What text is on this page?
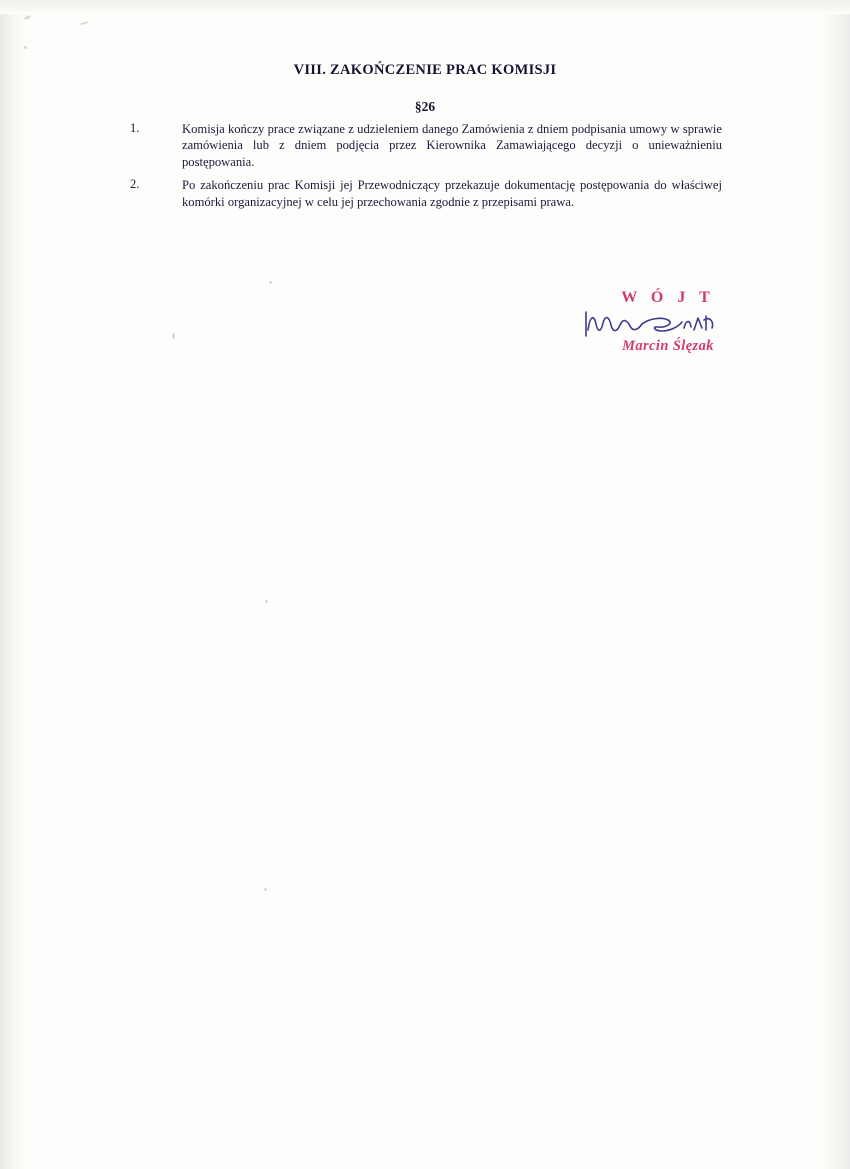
VIII. ZAKOŃCZENIE PRAC KOMISJI
§26
1.	Komisja kończy prace związane z udzieleniem danego Zamówienia z dniem podpisania umowy w sprawie zamówienia lub z dniem podjęcia przez Kierownika Zamawiającego decyzji o unieważnieniu postępowania.
2.	Po zakończeniu prac Komisji jej Przewodniczący przekazuje dokumentację postępowania do właściwej komórki organizacyjnej w celu jej przechowania zgodnie z przepisami prawa.
W Ó J T
Marcin Ślęzak
